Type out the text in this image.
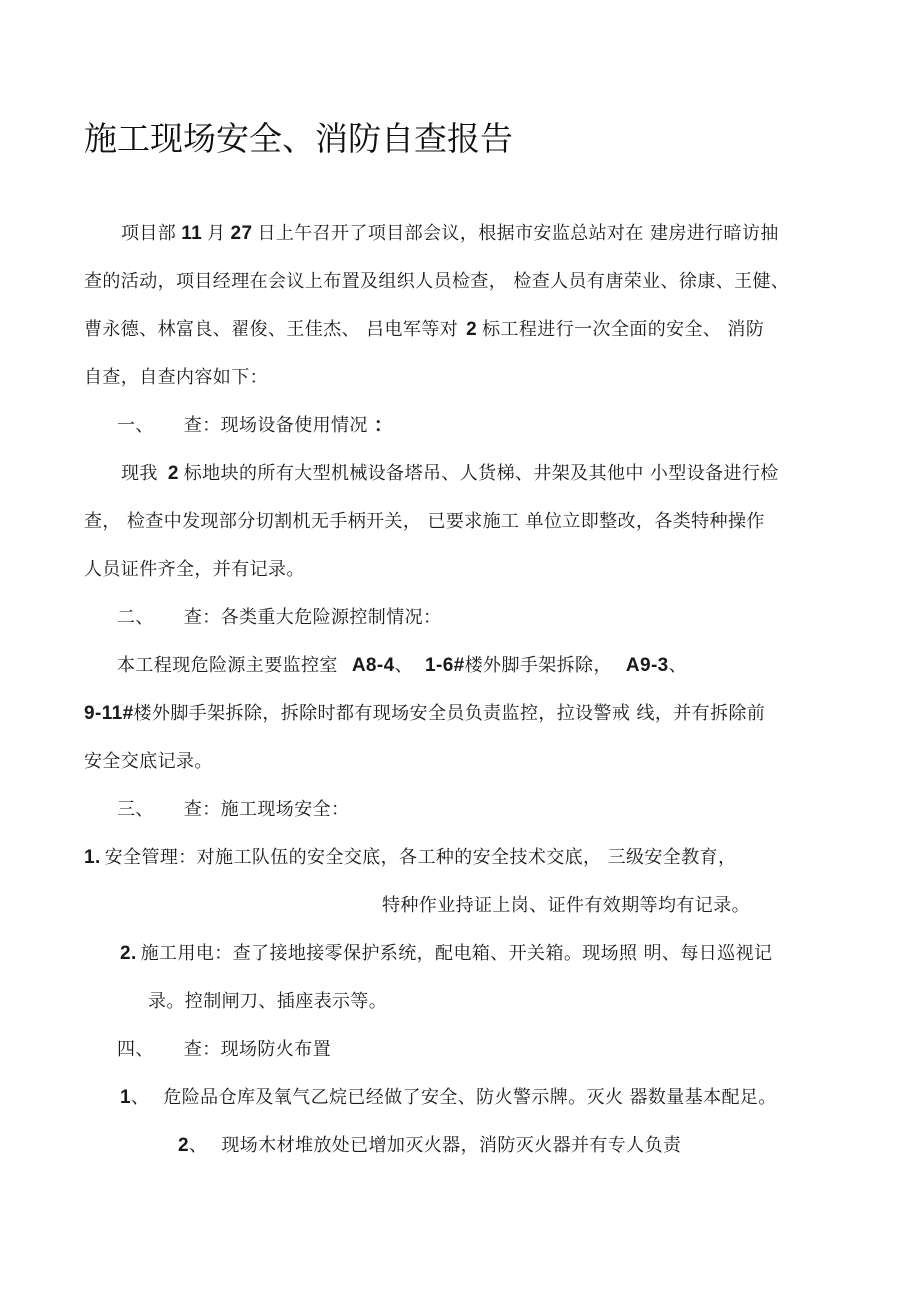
施工现场安全、消防自查报告
项目部 11 月 27 日上午召开了项目部会议，根据市安监总站对在 建房进行暗访抽
查的活动，项目经理在会议上布置及组织人员检查， 检查人员有唐荣业、徐康、王健、
曹永德、林富良、翟俊、王佳杰、 吕电军等对 2 标工程进行一次全面的安全、 消防
自查，自查内容如下：
一、 查：现场设备使用情况 ：
现我 2 标地块的所有大型机械设备塔吊、人货梯、井架及其他中 小型设备进行检
查， 检查中发现部分切割机无手柄开关， 已要求施工 单位立即整改，各类特种操作
人员证件齐全，并有记录。
二、 查：各类重大危险源控制情况：
本工程现危险源主要监控室 A8-4、 1-6#楼外脚手架拆除， A9-3、
9-11#楼外脚手架拆除，拆除时都有现场安全员负责监控，拉设警戒 线，并有拆除前
安全交底记录。
三、 查：施工现场安全：
1. 安全管理：对施工队伍的安全交底，各工种的安全技术交底， 三级安全教育，
特种作业持证上岗、证件有效期等均有记录。
2. 施工用电：查了接地接零保护系统，配电箱、开关箱。现场照 明、每日巡视记
录。控制闸刀、插座表示等。
四、 查：现场防火布置
1、 危险品仓库及氧气乙烷已经做了安全、防火警示牌。灭火 器数量基本配足。
2、 现场木材堆放处已增加灭火器，消防灭火器并有专人负责
